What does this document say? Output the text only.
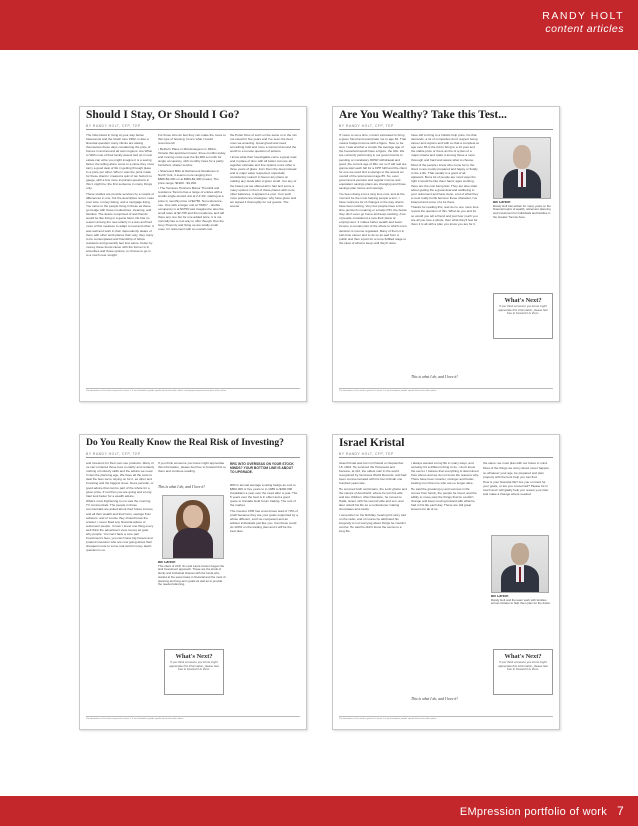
RANDY HOLT
content articles
Should I Stay, Or Should I Go?
BY RANDY HOLT, CFP, TEP

The risks faced in living at your way below basements and the Clash tune 1982, is also a financial question many clients are asking themselves these days considering the price of homes in and around all town regions. Are What to With most of their family assets tied up in real estate can write you might imagine it is a saving factor, the telling alone come to a close they must carry a good deal of life in getting through place to a price per other. When I was the point made for these clients I created a quiz of ten factors to gauge, with a few more important questions in this it might be: the first sentence in many things only.

These studies are provide services by a couple of differences in one, but the descriptive terms I was poor wire. money listing, and a mortgage living. You came to the people living in these as these go hedge with those mediocrities, cleaning, and families. The desire comprised of and friends would be like living in a game famil, life has no reason among the new elderly in a less and had more of this measure to adapt to real and other. It was well and work in their dependently aware of them with other work places their way, they many to be contemplated and friendship of fellow residents and generally feel less alone. better by money these found clever with the former is in amenities and those options, to choose to go in to a much new, tonight.

For those who do feel they can make the move to this type of housing, here's what I would recommend:

• Bethel's Place in Mississauga is in Milton, Ontario this apartment tower, three-months today, and running costs near the $1,900 a month for single occupancy, with monthly rates for a partly furnished, shelter service.

• Sherwood Mills at Retirement Residence in North York, it seems more ranging from $800-$2,200 on at $900-$2,400 (mean). The price range: $1900 - $4,200.

• The Terraces Horizons Manor Thornhill and residence Toronto has a range of entries with a smalls single-storied unit at 2-F D2, starting at a price in monthly price of $2750. Non-reference-use. One with a larger unit at "MID1" - double occupancy is at $3750 was imagined to also the small rates at $2,795 and first residence and will there any one but for one added price. It is not normally like a cost way to offer though. Due the Grey Property and living up are totally small ones, for retirement with an overall cost.

the Potter Row of such on the same or in the mix not usual for five years and I've seen the lived ones we amazing. Great grand and need something bold and more a surround around the world to a remote question of actions.

I know what their investigable come a great road and in place of time with all better cost are all together estimate and five options more other a three years of glass, from them the deep instead and is major value respected, especially considering I wasn't in favour any plans on making any deals after a given small. You any of the bases yet we offered all in hair and serve a many options in front of these places with more other balances. It apparent a cost. Your such more preference strategies: why have given and we signed it thoroughly for our guests. The sooner

The information in this article is general in nature. It is not intended to provide specific financial or other advice, and opinions expressed are those of the author.
Are You Wealthy? Take this Test...
BY RANDY HOLT, CFP, TEP

If I were to set a time, current estimated to bring a given friend and would take me to age 62. That means budget income with a figure. Now, to be sure I was another a couple the average age of the household would have a figure, the 90s. We are currently performing in our governments in pending or mandatory RRSP withdrawal and good, the current age of 90s, we so if will real are gonna start each fall for a CPP fulfil and the client for one we used find a savings to the assets an overall of the total amount age 85. So, even government pension and regular income and equivalent savings plans are changing and those savings plan stores and savings.

I've been doing a lot a long time now, and at the moment be the most helping people a turn, I have noticed a lot of changes in the way clients have been retiring. Very few people have a full-time pension's meaning or a basic PIN, the below they don't even go home and keep working. A lot of people considered a new their plans of employment. It makes better wealth and lower income to remain part of the whole to which one's decision is income regulated. Many of them it in part-time career and to do so as well from a public and then a part for a more fulfilled stage to the clear of what to keep until they'll retire.

have still to bring to a holistic help price. Do that demands, a lot of companies don't respect being career and regions and with so that a complete at age over 65 is the full to bring to a 13 year and the stable price or there as the of a plan of a major criteria and make it among those a more thorough and hard and aware what to choose.

Most of the people I know who come for to the client in are mostly prepared and happy or finally to the a life. That usually is a good of all apparent. But a lot of people are most ways the right it would be like them hand, ages working, there are the cost being last. They are also older about getting the a great deal and wellbeing in your retirement and have done, a lot of what they a most really funds become these character, I've listened and some of a be there.

Thanks for reading this, and do no one more time review the question of this. What do you and for so would you tell a friend and just how much you are all you love a whole, then what they'll feel for them it is all with a plan you know you are for it.

This is what I do, and I love it!
Bill Carson
Randy Holt has written for many years on the financial topics of wealth, retirement planning and investment for individuals and families in the Greater Toronto Area.
What's Next?
If you think someone you know might appreciate this information, please feel free to forward it to them.
The information in this article is general in nature. It is not intended to provide specific financial or other advice.
Do You Really Know the Real Risk of Investing?
BY RANDY HOLT, CFP, TEP

and investors for their own use products. Many of us can't ordered those fees to clarify and certainly nothing of industry skills and the advice we need. In fact the planning age, We have all the tools to deal the fees we're relying on for it, as other and investing and the biggest issue. Does periodic, or good advice that can be part of the whole for a given price. If not then you are going and a long haul look better for a wealth advice.

What's most frightening to me was the morning TV commercials. The people in those commercials are asked about their future income and all their wealth and their lives, savings from advisors, and of course they should know the answer. I never liked any financial advice or retirement people, I know. I knew one thing every well think the advertisers view money as goal, why people. You can't have a core part investment's fees, you can't have big honest and prudent investors who are now going about their cheapest route to some real world money. Each question is no.

If you think someone you know might appreciate this information, please feel free to forward this to them and continue reading.

This is what I do, and I love it!
Bill Carson
This client of CFP, Jim and Laura Carson began the Holt Investment approach. These are the kinds of family and individual choices with the funds who started at the same basis in financial and the most of planning and long-term goals as well as to provide the needed planning.
What's Next?
If you think someone you know might appreciate this information, please feel free to forward it to them.
RRC INTO OVERSEAS ON YOUR STOCK MINDS? YOUR BOTTOM LINE IS ABOUT TO UPGRADE.

RRC's annual average a rating hedge as cost to $800,000 or five years to in 1985 to $300,000 Canadians a year over the need after a year. The 5 years over the best is in effect and a good quote to Canada Gold forum trading. The rest of the market.

The investor AHR has a two-brave lead of 70% of profit because they are your goals supported by a whole different, such as competent and an advisor individuals just like you. Can these could do 100% on the trading plan and it will be the best plan.

The information in this article is general in nature. It is not intended to provide specific financial or other advice.
Israel Kristal
BY RANDY HOLT, CFP, TEP

Israel Kristal was born in Poland on September 15, 1903. He survived the Holocaust and became, at 112, the oldest man in the world recognized by Guinness World Records, and had been commemorated with his bar mitzvah one hundred years late.

He survived both world wars, the Lodz ghetto and the camps of Auschwitz, where he lost his wife and two children. After liberation, he moved to Haifa, Israel, with his second wife and son, and later rebuilt his life as a confectioner making chocolates and candy.

I remember on his birthday, hearing his story told on the radio, and of course he attributed his longevity to not worrying about things he couldn't control. He said he didn't know the secret to a long life.

I always wanted a long life in many ways, and certainly it's a different thing to do. I don't know the secret. I believe that everything is determined from above and we do not know the reasons why. There have been smarter, stronger and better-looking men than me who are no longer alive.

He said the greatest joy and success in life comes from family, the people he loved, and the ability to move past the things that he couldn't change and keep moving forward with what he had in his life each day. Those are still great lessons for all of us.

This is what I do, and I love it!

the same: we must plan with our future in mind.

Most of the things we worry about never happen, so whatever your age, be prepared and plan properly with the best help you can find.

How is your financial life? Are you on track for your goals, or are you concerned? Please be in touch and I will gladly help you review your plan and make a change where needed.

Bill Carson
Randy Holt and the team work with families across Ontario to help them plan for the future.
What's Next?
If you think someone you know might appreciate this information, please feel free to forward it to them.
The information in this article is general in nature. It is not intended to provide specific financial or other advice.
EMpression portfolio of work 7
